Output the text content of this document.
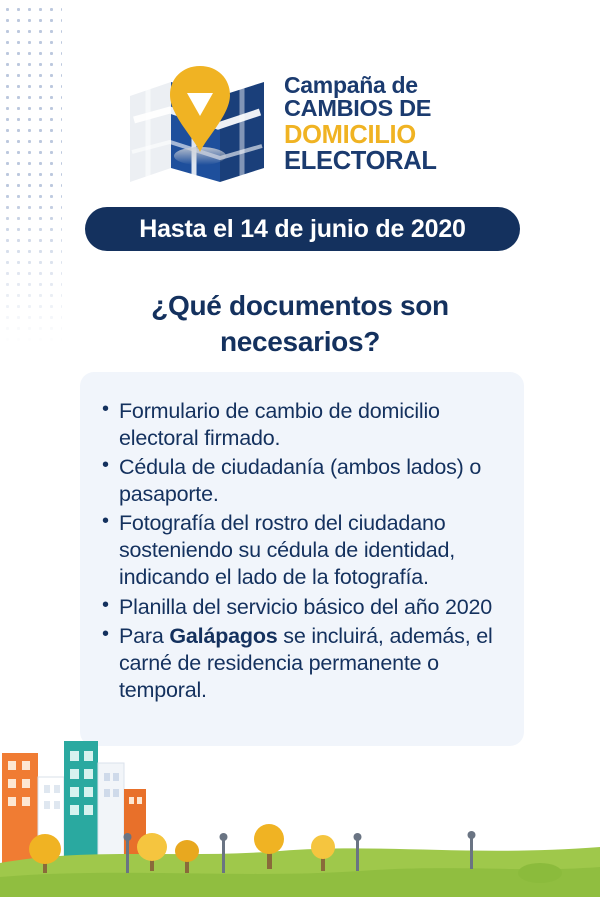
Campaña de
CAMBIOS DE
DOMICILIO
ELECTORAL
Hasta el 14 de junio de 2020
¿Qué documentos son
necesarios?
• Formulario de cambio de domicilio electoral firmado.
• Cédula de ciudadanía (ambos lados) o pasaporte.
• Fotografía del rostro del ciudadano sosteniendo su cédula de identidad, indicando el lado de la fotografía.
• Planilla del servicio básico del año 2020
• Para Galápagos se incluirá, además, el carné de residencia permanente o temporal.
